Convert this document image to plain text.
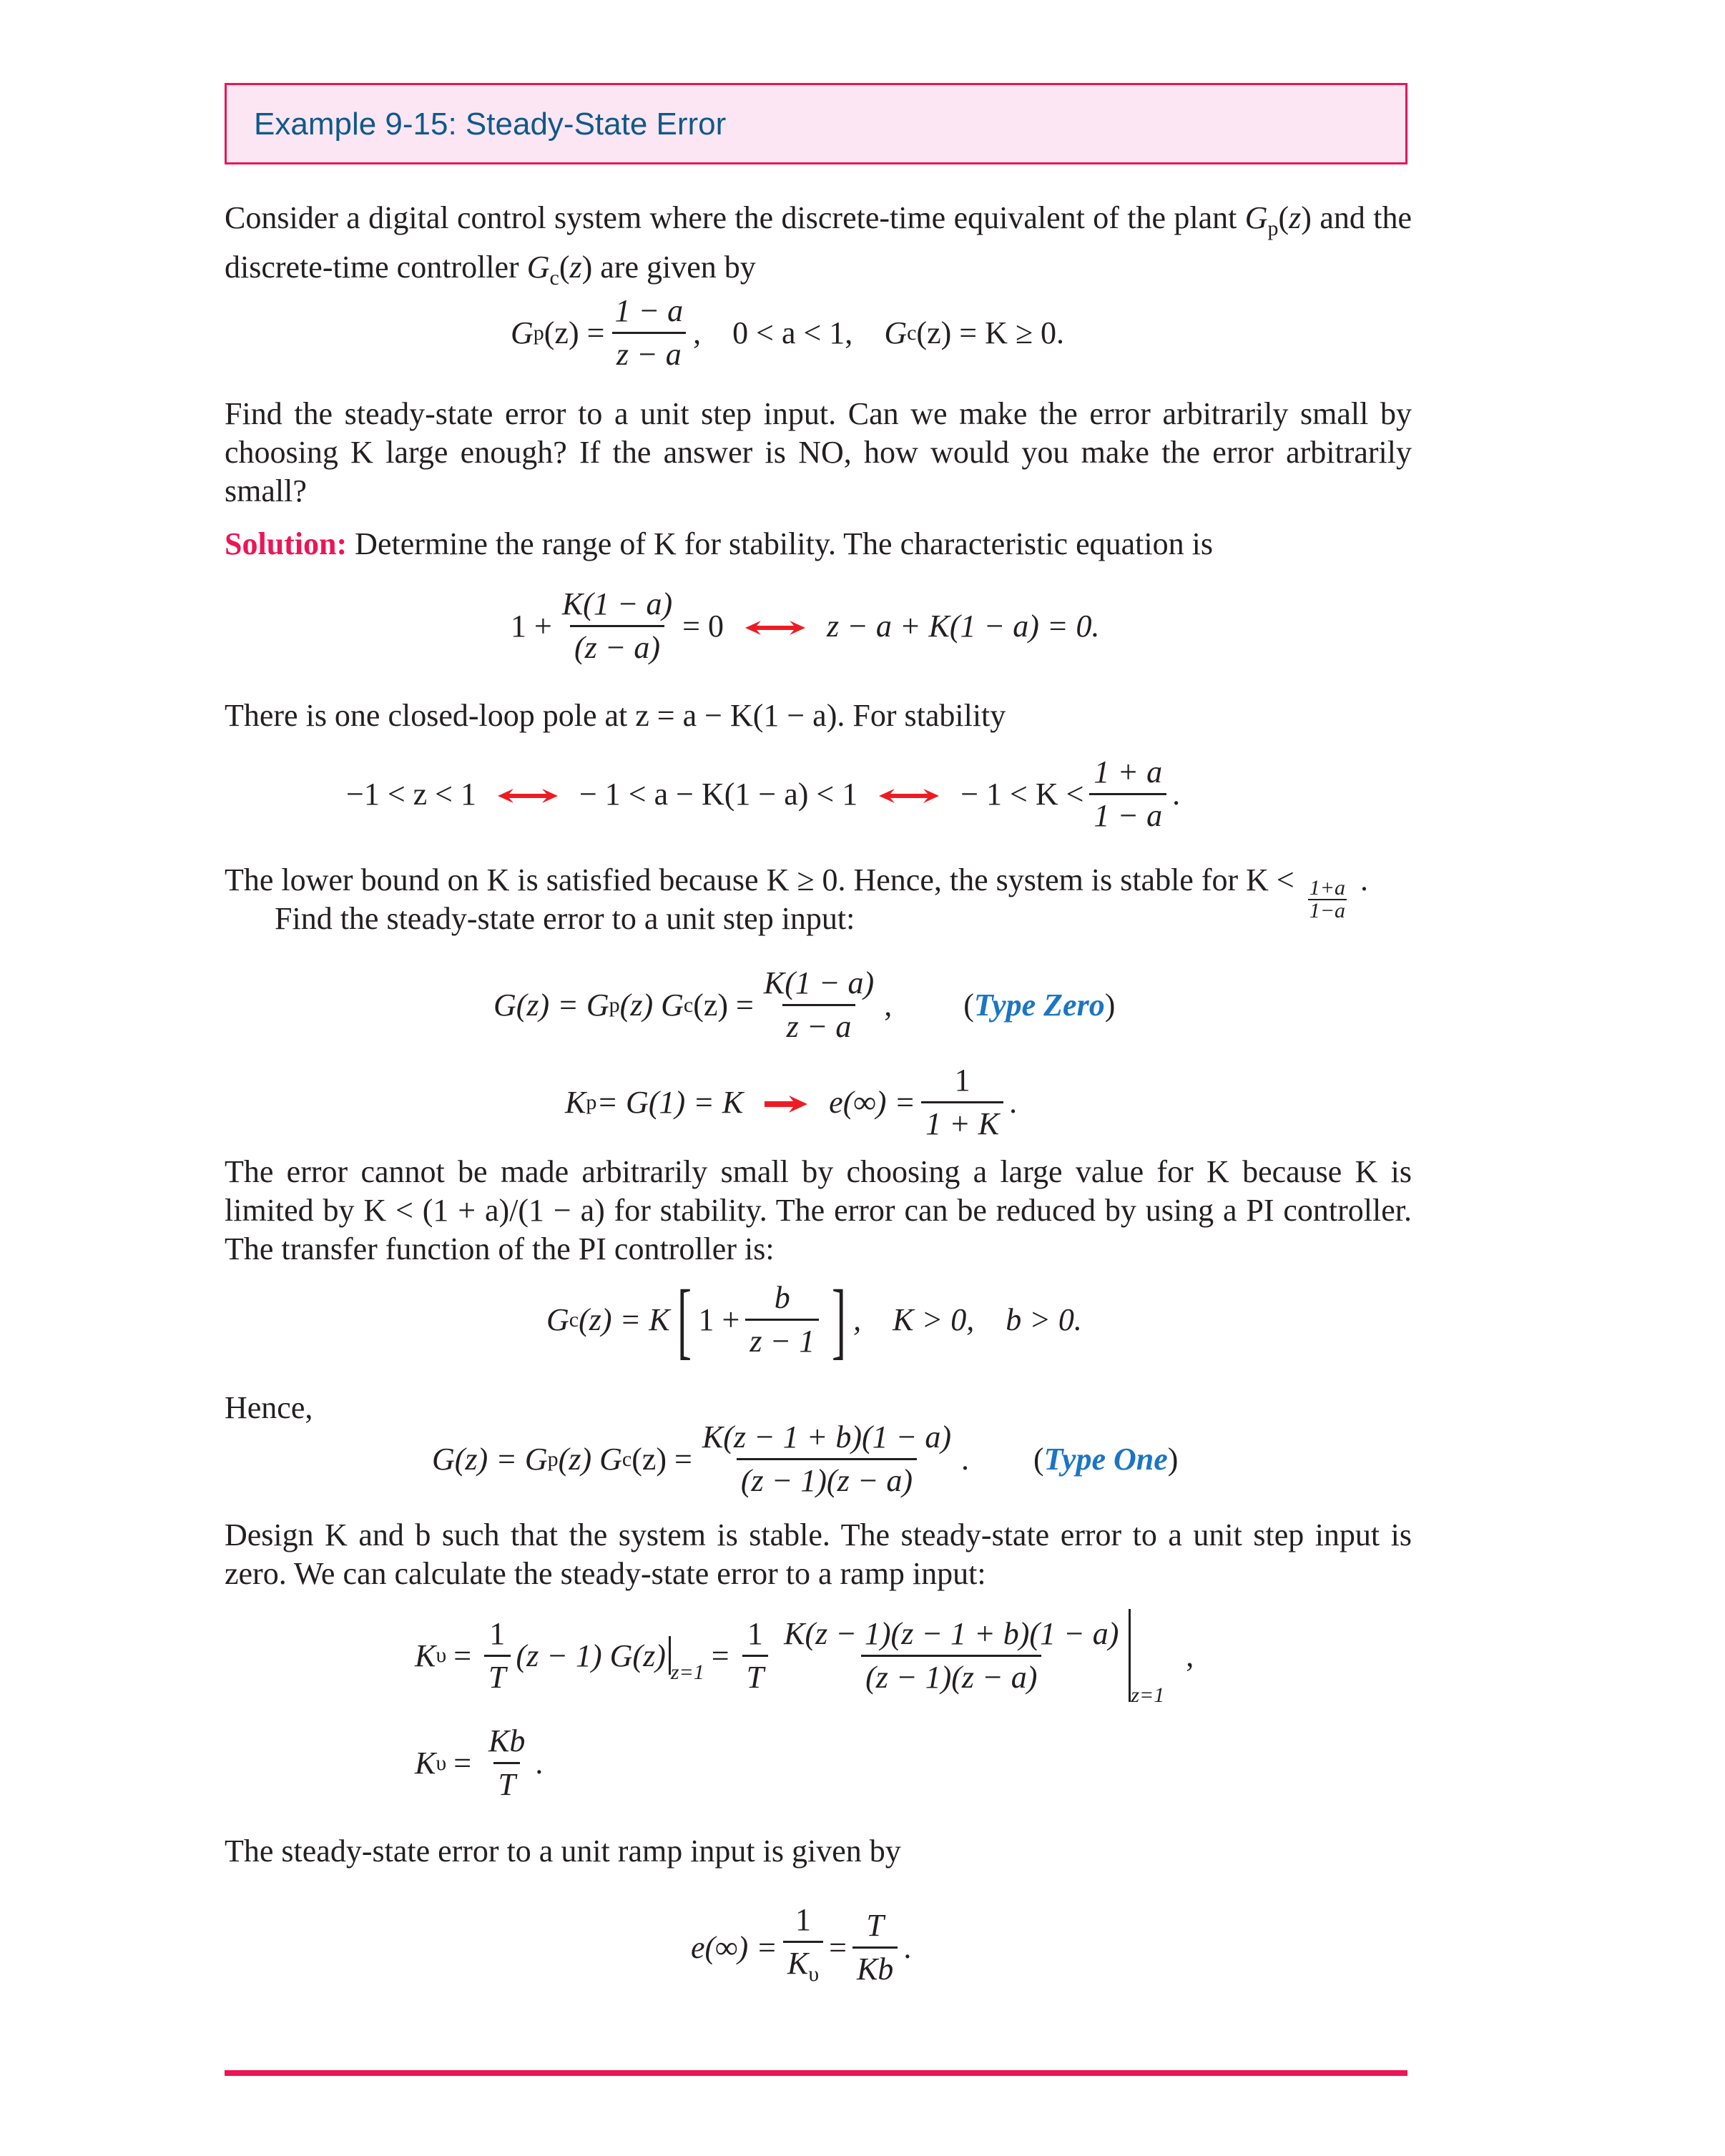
Example 9-15: Steady-State Error
Consider a digital control system where the discrete-time equivalent of the plant $G_p(z)$ and the discrete-time controller $G_c(z)$ are given by
G p $(z) = \frac{1 - a}{z - a}$ ,    0 < a < 1, G c (z) = K ≥ 0.
Find the steady-state error to a unit step input. Can we make the error arbitrarily small by choosing K large enough? If the answer is NO, how would you make the error arbitrarily small?
Solution: Determine the range of K for stability. The characteristic equation is
$1 + \frac{K(1 - a)}{(z - a)} = 0$	z − a + K(1 − a) = 0.
There is one closed-loop pole at z = a − K(1 − a). For stability
−1 < z < 1	− 1 < a − K(1 − a) < 1	− $1 < K < \frac{1 + a}{1 - a}$ .
The lower bound on K is satisfied because K ≥ 0. Hence, the system is stable for $K < \frac{1+a}{1-a}$ .
Find the steady-state error to a unit step input:
G(z) = G p (z) G c $(z) = \frac{K(1 - a)}{z - a}$ , (Type Zero)
K p = G(1) = K	$e(\infty) = \frac{1}{1 + K}$ .
The error cannot be made arbitrarily small by choosing a large value for K because K is limited by K < (1 + a)/(1 − a) for stability. The error can be reduced by using a PI controller. The transfer function of the PI controller is:
G c (z) = K [ $1 + \frac{b}{z - 1}$ ] ,    K > 0,    b > 0.
Hence,
G(z) = G p (z) G c $(z) = \frac{K(z - 1 + b)(1 - a)}{(z - 1)(z - a)}$ . (Type One)
Design K and b such that the system is stable. The steady-state error to a unit step input is zero. We can calculate the steady-state error to a ramp input:
K $\upsilon = \frac{1}{T} (z - 1)$ G(z) $z=1 = \frac{1}{T} \frac{K(z - 1)(z - 1 + b)(1 - a)}{(z - 1)(z - a)} z=1$
,
K $\upsilon = \frac{Kb}{T}$ .
The steady-state error to a unit ramp input is given by
$e(\infty) = \frac{1}{K_\upsilon} = \frac{T}{Kb}$ .
